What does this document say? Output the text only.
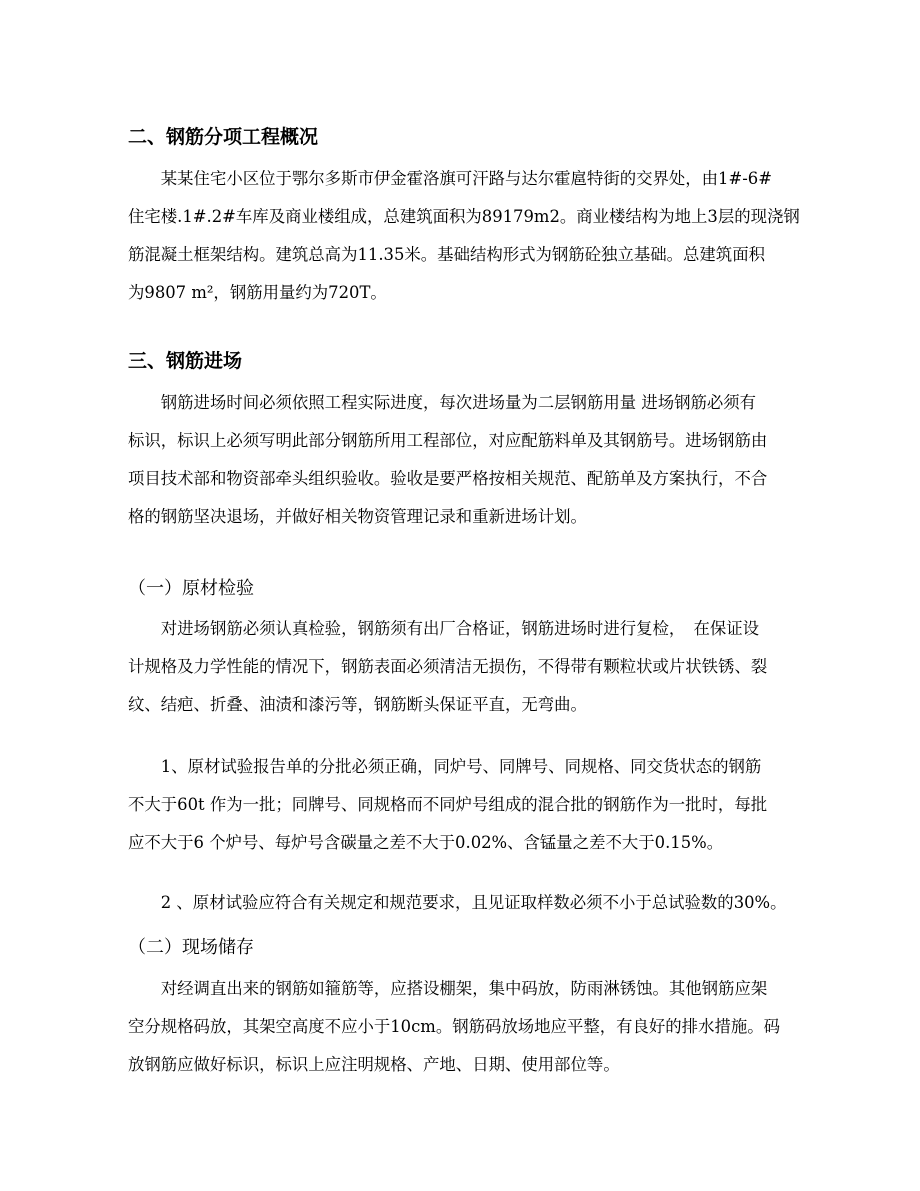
二、钢筋分项工程概况
　　某某住宅小区位于鄂尔多斯市伊金霍洛旗可汗路与达尔霍扈特街的交界处，由1#-6#
住宅楼.1#.2#车库及商业楼组成，总建筑面积为89179m2。商业楼结构为地上3层的现浇钢
筋混凝土框架结构。建筑总高为11.35米。基础结构形式为钢筋砼独立基础。总建筑面积
为9807 m²，钢筋用量约为720T。
三、钢筋进场
　　钢筋进场时间必须依照工程实际进度，每次进场量为二层钢筋用量 进场钢筋必须有
标识，标识上必须写明此部分钢筋所用工程部位，对应配筋料单及其钢筋号。进场钢筋由
项目技术部和物资部牵头组织验收。验收是要严格按相关规范、配筋单及方案执行，不合
格的钢筋坚决退场，并做好相关物资管理记录和重新进场计划。
（一）原材检验
　　对进场钢筋必须认真检验，钢筋须有出厂合格证，钢筋进场时进行复检，　在保证设
计规格及力学性能的情况下，钢筋表面必须清洁无损伤，不得带有颗粒状或片状铁锈、裂
纹、结疤、折叠、油渍和漆污等，钢筋断头保证平直，无弯曲。
　　1、原材试验报告单的分批必须正确，同炉号、同牌号、同规格、同交货状态的钢筋
不大于60t 作为一批；同牌号、同规格而不同炉号组成的混合批的钢筋作为一批时，每批
应不大于6 个炉号、每炉号含碳量之差不大于0.02%、含锰量之差不大于0.15%。
　　2 、原材试验应符合有关规定和规范要求，且见证取样数必须不小于总试验数的30%。
（二）现场储存
　　对经调直出来的钢筋如箍筋等，应搭设棚架，集中码放，防雨淋锈蚀。其他钢筋应架
空分规格码放，其架空高度不应小于10cm。钢筋码放场地应平整，有良好的排水措施。码
放钢筋应做好标识，标识上应注明规格、产地、日期、使用部位等。
